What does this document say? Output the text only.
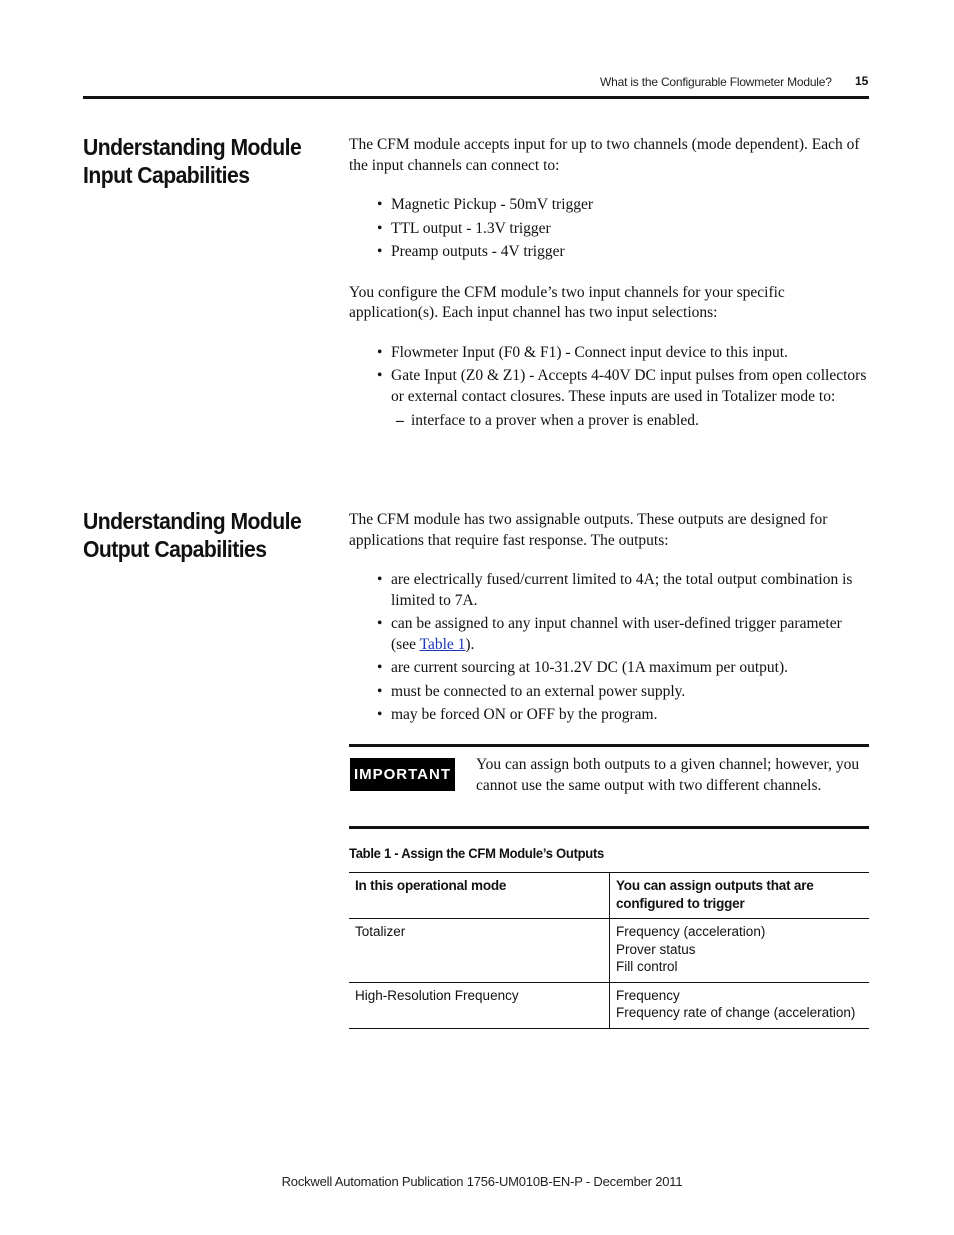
What is the Configurable Flowmeter Module? 15
Understanding Module
Input Capabilities

The CFM module accepts input for up to two channels (mode dependent). Each of the input channels can connect to:

• Magnetic Pickup - 50mV trigger
• TTL output - 1.3V trigger
• Preamp outputs - 4V trigger

You configure the CFM module’s two input channels for your specific application(s). Each input channel has two input selections:

• Flowmeter Input (F0 & F1) - Connect input device to this input.
• Gate Input (Z0 & Z1) - Accepts 4-40V DC input pulses from open collectors or external contact closures. These inputs are used in Totalizer mode to:
– interface to a prover when a prover is enabled.
Understanding Module
Output Capabilities

The CFM module has two assignable outputs. These outputs are designed for applications that require fast response. The outputs:

• are electrically fused/current limited to 4A; the total output combination is limited to 7A.
• can be assigned to any input channel with user-defined trigger parameter (see Table 1).
• are current sourcing at 10-31.2V DC (1A maximum per output).
• must be connected to an external power supply.
• may be forced ON or OFF by the program.
IMPORTANT
You can assign both outputs to a given channel; however, you cannot use the same output with two different channels.
Table 1 - Assign the CFM Module’s Outputs
In this operational mode	You can assign outputs that are configured to trigger
Totalizer	Frequency (acceleration)
Prover status
Fill control

High-Resolution Frequency	Frequency
Frequency rate of change (acceleration)
Rockwell Automation Publication 1756-UM010B-EN-P - December 2011
